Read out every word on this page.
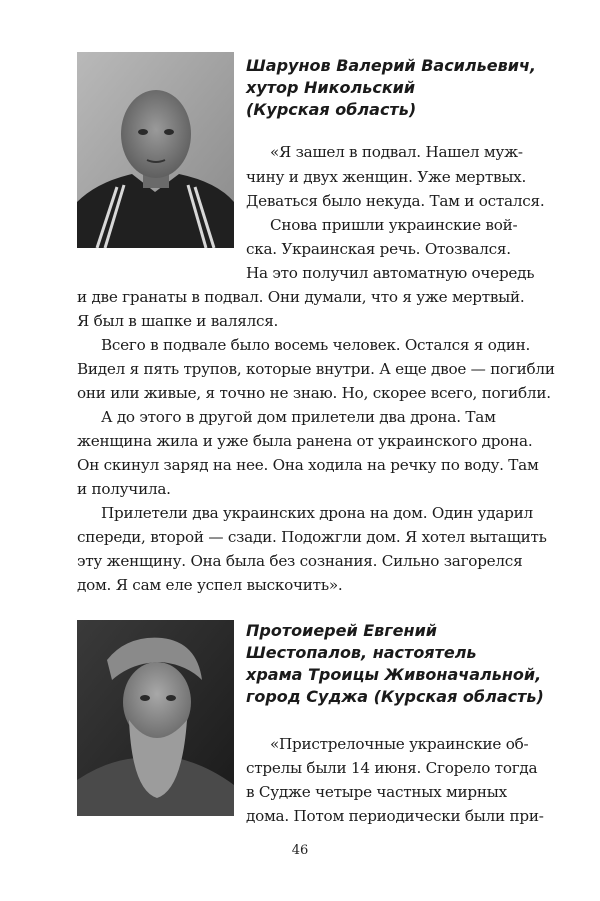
Шарунов Валерий Васильевич,
хутор Никольский
(Курская область)
Протоиерей Евгений
Шестопалов, настоятель
храма Троицы Живоначальной,
город Суджа (Курская область)
«Я зашел в подвал. Нашел муж-
чину и двух женщин. Уже мертвых.
Деваться было некуда. Там и остался.
Снова пришли украинские вой-
ска. Украинская речь. Отозвался.
На это получил автоматную очередь
и две гранаты в подвал. Они думали, что я уже мертвый.
Я был в шапке и валялся.
Всего в подвале было восемь человек. Остался я один.
Видел я пять трупов, которые внутри. А еще двое — погибли
они или живые, я точно не знаю. Но, скорее всего, погибли.
А до этого в другой дом прилетели два дрона. Там
женщина жила и уже была ранена от украинского дрона.
Он скинул заряд на нее. Она ходила на речку по воду. Там
и получила.
Прилетели два украинских дрона на дом. Один ударил
спереди, второй — сзади. Подожгли дом. Я хотел вытащить
эту женщину. Она была без сознания. Сильно загорелся
дом. Я сам еле успел выскочить».
«Пристрелочные украинские об-
стрелы были 14 июня. Сгорело тогда
в Судже четыре частных мирных
дома. Потом периодически были при-
46
